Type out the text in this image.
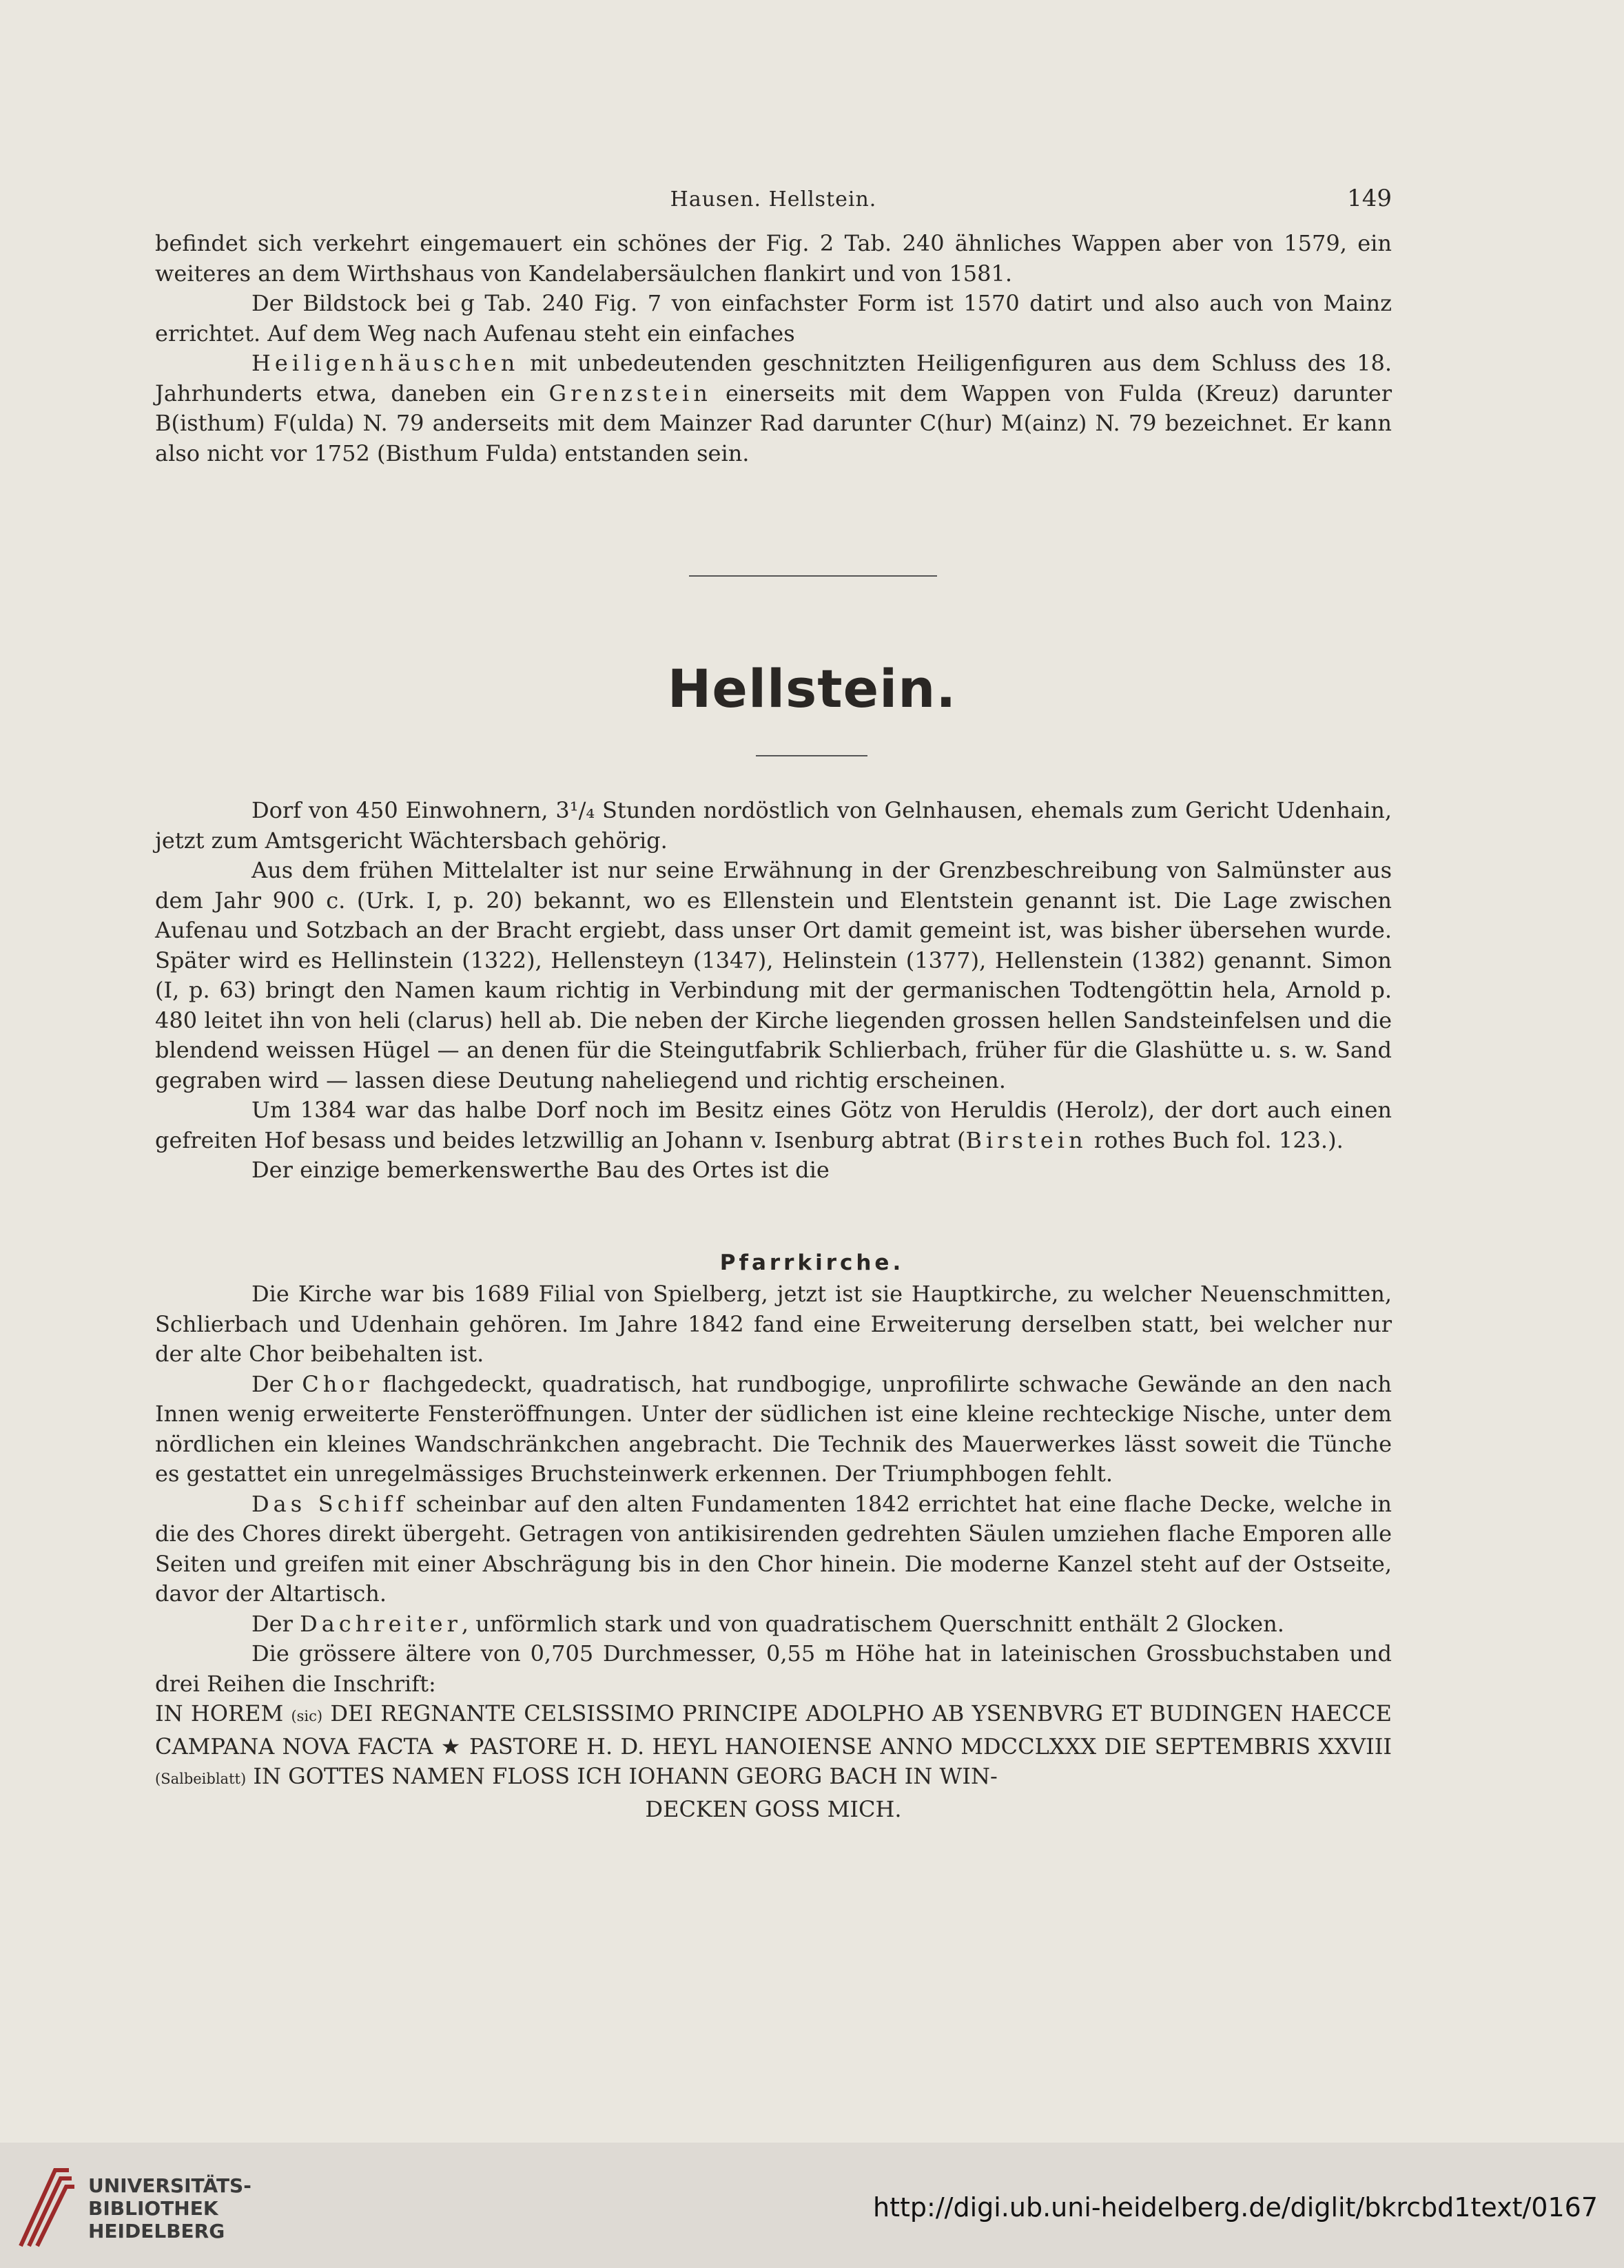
Hausen. Hellstein.	149

befindet sich verkehrt eingemauert ein schönes der Fig. 2 Tab. 240 ähnliches Wappen aber von 1579, ein weiteres an dem Wirthshaus von Kandelabersäulchen flankirt und von 1581.

Der Bildstock bei g Tab. 240 Fig. 7 von einfachster Form ist 1570 datirt und also auch von Mainz errichtet. Auf dem Weg nach Aufenau steht ein einfaches

Heiligenhäuschen mit unbedeutenden geschnitzten Heiligenfiguren aus dem Schluss des 18. Jahrhunderts etwa, daneben ein Grenzstein einerseits mit dem Wappen von Fulda (Kreuz) darunter B(isthum) F(ulda) N. 79 anderseits mit dem Mainzer Rad darunter C(hur) M(ainz) N. 79 bezeichnet. Er kann also nicht vor 1752 (Bisthum Fulda) entstanden sein.

Hellstein.

Dorf von 450 Einwohnern, 3¹/₄ Stunden nordöstlich von Gelnhausen, ehemals zum Gericht Udenhain, jetzt zum Amtsgericht Wächtersbach gehörig.

Aus dem frühen Mittelalter ist nur seine Erwähnung in der Grenzbeschreibung von Salmünster aus dem Jahr 900 c. (Urk. I, p. 20) bekannt, wo es Ellenstein und Elentstein genannt ist. Die Lage zwischen Aufenau und Sotzbach an der Bracht ergiebt, dass unser Ort damit gemeint ist, was bisher übersehen wurde. Später wird es Hellinstein (1322), Hellensteyn (1347), Helinstein (1377), Hellenstein (1382) genannt. Simon (I, p. 63) bringt den Namen kaum richtig in Verbindung mit der germanischen Todtengöttin hela, Arnold p. 480 leitet ihn von heli (clarus) hell ab. Die neben der Kirche liegenden grossen hellen Sandsteinfelsen und die blendend weissen Hügel — an denen für die Steingutfabrik Schlierbach, früher für die Glashütte u. s. w. Sand gegraben wird — lassen diese Deutung naheliegend und richtig erscheinen.

Um 1384 war das halbe Dorf noch im Besitz eines Götz von Heruldis (Herolz), der dort auch einen gefreiten Hof besass und beides letzwillig an Johann v. Isenburg abtrat (Birstein rothes Buch fol. 123.).

Der einzige bemerkenswerthe Bau des Ortes ist die

Pfarrkirche.

Die Kirche war bis 1689 Filial von Spielberg, jetzt ist sie Hauptkirche, zu welcher Neuenschmitten, Schlierbach und Udenhain gehören. Im Jahre 1842 fand eine Erweiterung derselben statt, bei welcher nur der alte Chor beibehalten ist.

Der Chor flachgedeckt, quadratisch, hat rundbogige, unprofilirte schwache Gewände an den nach Innen wenig erweiterte Fensteröffnungen. Unter der südlichen ist eine kleine rechteckige Nische, unter dem nördlichen ein kleines Wandschränkchen angebracht. Die Technik des Mauerwerkes lässt soweit die Tünche es gestattet ein unregelmässiges Bruchsteinwerk erkennen. Der Triumphbogen fehlt.

Das Schiff scheinbar auf den alten Fundamenten 1842 errichtet hat eine flache Decke, welche in die des Chores direkt übergeht. Getragen von antikisirenden gedrehten Säulen umziehen flache Emporen alle Seiten und greifen mit einer Abschrägung bis in den Chor hinein. Die moderne Kanzel steht auf der Ostseite, davor der Altartisch.

Der Dachreiter, unförmlich stark und von quadratischem Querschnitt enthält 2 Glocken.

Die grössere ältere von 0,705 Durchmesser, 0,55 m Höhe hat in lateinischen Grossbuchstaben und drei Reihen die Inschrift:

IN HOREM (sic) DEI REGNANTE CELSISSIMO PRINCIPE ADOLPHO AB YSENBVRG ET BUDINGEN HAECCE CAMPANA NOVA FACTA ★ PASTORE H. D. HEYL HANOIENSE ANNO MDCCLXXX DIE SEPTEMBRIS XXVIII (Salbeiblatt) IN GOTTES NAMEN FLOSS ICH IOHANN GEORG BACH IN WIN-
DECKEN GOSS MICH.
UNIVERSITÄTS-
BIBLIOTHEK
HEIDELBERG
http://digi.ub.uni-heidelberg.de/diglit/bkrcbd1text/0167
